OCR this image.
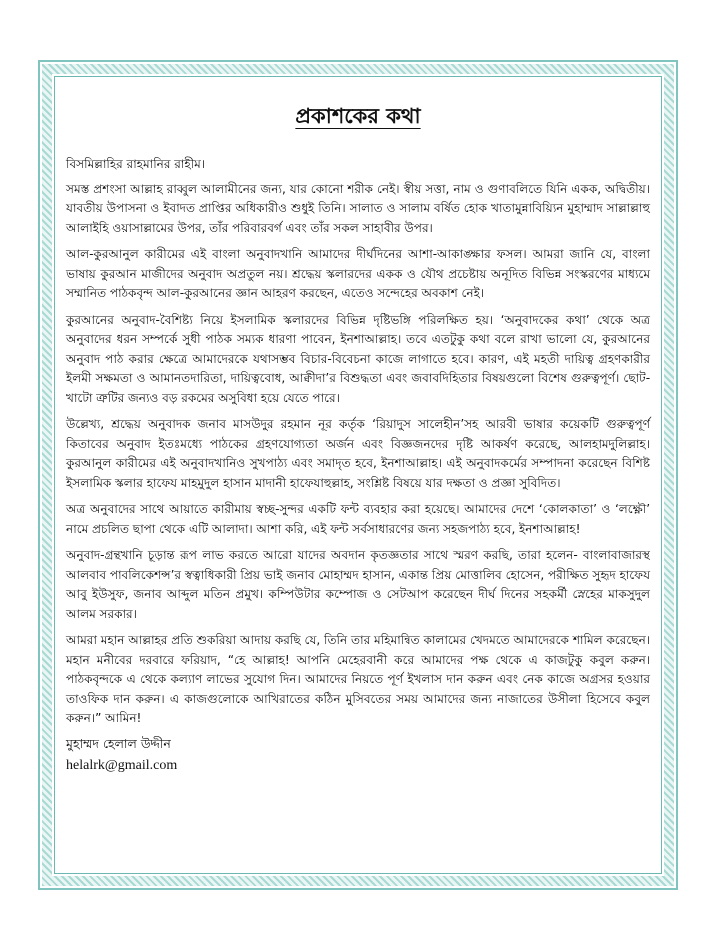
প্রকাশকের কথা

বিসমিল্লাহির রাহমানির রাহীম।

সমস্ত প্রশংসা আল্লাহ রাব্বুল আলামীনের জন্য, যার কোনো শরীক নেই। স্বীয় সত্তা, নাম ও গুণাবলিতে যিনি একক, অদ্বিতীয়। যাবতীয় উপাসনা ও ইবাদত প্রাপ্তির অধিকারীও শুধুই তিনি। সালাত ও সালাম বর্ষিত হোক খাতামুন্নাবিয়্যিন মুহাম্মাদ সাল্লাল্লাহু আলাইহি ওয়াসাল্লামের উপর, তাঁর পরিবারবর্গ এবং তাঁর সকল সাহাবীর উপর।

আল-কুরআনুল কারীমের এই বাংলা অনুবাদখানি আমাদের দীর্ঘদিনের আশা-আকাঙ্ক্ষার ফসল। আমরা জানি যে, বাংলা ভাষায় কুরআন মাজীদের অনুবাদ অপ্রতুল নয়। শ্রদ্ধেয় স্কলারদের একক ও যৌথ প্রচেষ্টায় অনূদিত বিভিন্ন সংস্করণের মাধ্যমে সম্মানিত পাঠকবৃন্দ আল-কুরআনের জ্ঞান আহরণ করছেন, এতেও সন্দেহের অবকাশ নেই।

কুরআনের অনুবাদ-বৈশিষ্ট্য নিয়ে ইসলামিক স্কলারদের বিভিন্ন দৃষ্টিভঙ্গি পরিলক্ষিত হয়। ‘অনুবাদকের কথা’ থেকে অত্র অনুবাদের ধরন সম্পর্কে সুধী পাঠক সম্যক ধারণা পাবেন, ইনশাআল্লাহ। তবে এতটুকু কথা বলে রাখা ভালো যে, কুরআনের অনুবাদ পাঠ করার ক্ষেত্রে আমাদেরকে যথাসম্ভব বিচার-বিবেচনা কাজে লাগাতে হবে। কারণ, এই মহতী দায়িত্ব গ্রহণকারীর ইলমী সক্ষমতা ও আমানতদারিতা, দায়িত্ববোধ, আক্বীদা’র বিশুদ্ধতা এবং জবাবদিহিতার বিষয়গুলো বিশেষ গুরুত্বপূর্ণ। ছোট-খাটো ত্রুটির জন্যও বড় রকমের অসুবিধা হয়ে যেতে পারে।

উল্লেখ্য, শ্রদ্ধেয় অনুবাদক জনাব মাসউদুর রহমান নূর কর্তৃক ‘রিয়াদুস সালেহীন’সহ আরবী ভাষার কয়েকটি গুরুত্বপূর্ণ কিতাবের অনুবাদ ইতঃমধ্যে পাঠকের গ্রহণযোগ্যতা অর্জন এবং বিজ্ঞজনদের দৃষ্টি আকর্ষণ করেছে, আলহামদুলিল্লাহ। কুরআনুল কারীমের এই অনুবাদখানিও সুখপাঠ্য এবং সমাদৃত হবে, ইনশাআল্লাহ। এই অনুবাদকর্মের সম্পাদনা করেছেন বিশিষ্ট ইসলামিক স্কলার হাফেয মাহমুদুল হাসান মাদানী হাফেযাহুল্লাহ, সংশ্লিষ্ট বিষয়ে যার দক্ষতা ও প্রজ্ঞা সুবিদিত।

অত্র অনুবাদের সাথে আয়াতে কারীমায় স্বচ্ছ-সুন্দর একটি ফন্ট ব্যবহার করা হয়েছে। আমাদের দেশে ‘কোলকাতা’ ও ‘লক্ষ্ণৌ’ নামে প্রচলিত ছাপা থেকে এটি আলাদা। আশা করি, এই ফন্ট সর্বসাধারণের জন্য সহজপাঠ্য হবে, ইনশাআল্লাহ!

অনুবাদ-গ্রন্থখানি চূড়ান্ত রূপ লাভ করতে আরো যাদের অবদান কৃতজ্ঞতার সাথে স্মরণ করছি, তারা হলেন- বাংলাবাজারস্থ আলবাব পাবলিকেশন্স’র স্বত্বাধিকারী প্রিয় ভাই জনাব মোহাম্মদ হাসান, একান্ত প্রিয় মোত্তালিব হোসেন, পরীক্ষিত সুহৃদ হাফেয আবু ইউসুফ, জনাব আব্দুল মতিন প্রমুখ। কম্পিউটার কম্পোজ ও সেটআপ করেছেন দীর্ঘ দিনের সহকর্মী স্নেহের মাকসুদুল আলম সরকার।

আমরা মহান আল্লাহর প্রতি শুকরিয়া আদায় করছি যে, তিনি তার মহিমান্বিত কালামের খেদমতে আমাদেরকে শামিল করেছেন। মহান মনীবের দরবারে ফরিয়াদ, “হে আল্লাহ! আপনি মেহেরবানী করে আমাদের পক্ষ থেকে এ কাজটুকু কবুল করুন। পাঠকবৃন্দকে এ থেকে কল্যাণ লাভের সুযোগ দিন। আমাদের নিয়তে পূর্ণ ইখলাস দান করুন এবং নেক কাজে অগ্রসর হওয়ার তাওফিক দান করুন। এ কাজগুলোকে আখিরাতের কঠিন মুসিবতের সময় আমাদের জন্য নাজাতের উসীলা হিসেবে কবুল করুন।” আমিন!

মুহাম্মদ হেলাল উদ্দীন

helalrk@gmail.com
